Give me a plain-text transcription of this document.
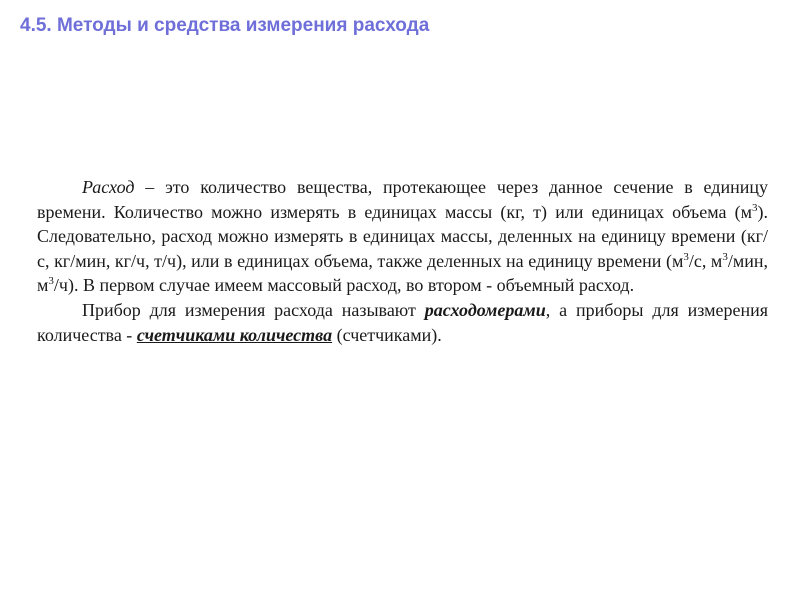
4.5. Методы и средства измерения расхода

Расход – это количество вещества, протекающее через данное сечение в единицу времени. Количество можно измерять в единицах массы (кг, т) или единицах объема $(м^3)$. Следовательно, расход можно измерять в единицах массы, деленных на единицу времени (кг/с, кг/мин, кг/ч, т/ч), или в единицах объема, также деленных на единицу времени ($м^3/с$, $м^3$/мин, $м^3/ч$). В первом случае имеем массовый расход, во втором - объемный расход.

Прибор для измерения расхода называют расходомерами, а приборы для измерения количества - счетчиками количества (счетчиками).
